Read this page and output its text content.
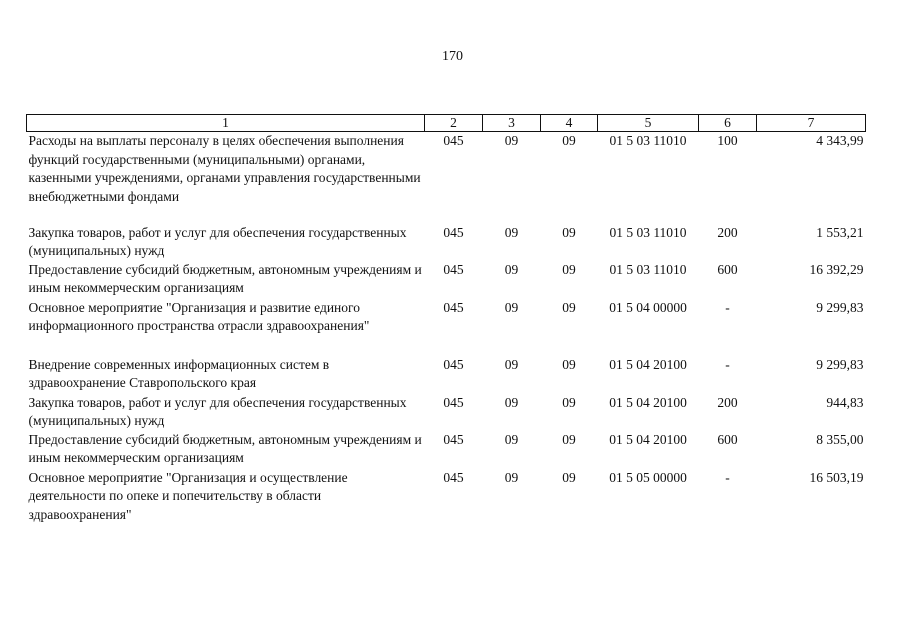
170
1	2	3	4	5	6	7
Расходы на выплаты персоналу в целях обеспечения выполнения функций государственными (муниципальными) органами, казенными учреждениями, органами управления государственными внебюджетными фондами	045	09	09	01 5 03 11010	100	4 343,99
Закупка товаров, работ и услуг для обеспечения государственных (муниципальных) нужд	045	09	09	01 5 03 11010	200	1 553,21
Предоставление субсидий бюджетным, автономным учреждениям и иным некоммерческим организациям	045	09	09	01 5 03 11010	600	16 392,29
Основное мероприятие "Организация и развитие единого информационного пространства отрасли здравоохранения"	045	09	09	01 5 04 00000	-	9 299,83
Внедрение современных информационных систем в здравоохранение Ставропольского края	045	09	09	01 5 04 20100	-	9 299,83
Закупка товаров, работ и услуг для обеспечения государственных (муниципальных) нужд	045	09	09	01 5 04 20100	200	944,83
Предоставление субсидий бюджетным, автономным учреждениям и иным некоммерческим организациям	045	09	09	01 5 04 20100	600	8 355,00
Основное мероприятие "Организация и осуществление деятельности по опеке и попечительству в области здравоохранения"	045	09	09	01 5 05 00000	-	16 503,19
